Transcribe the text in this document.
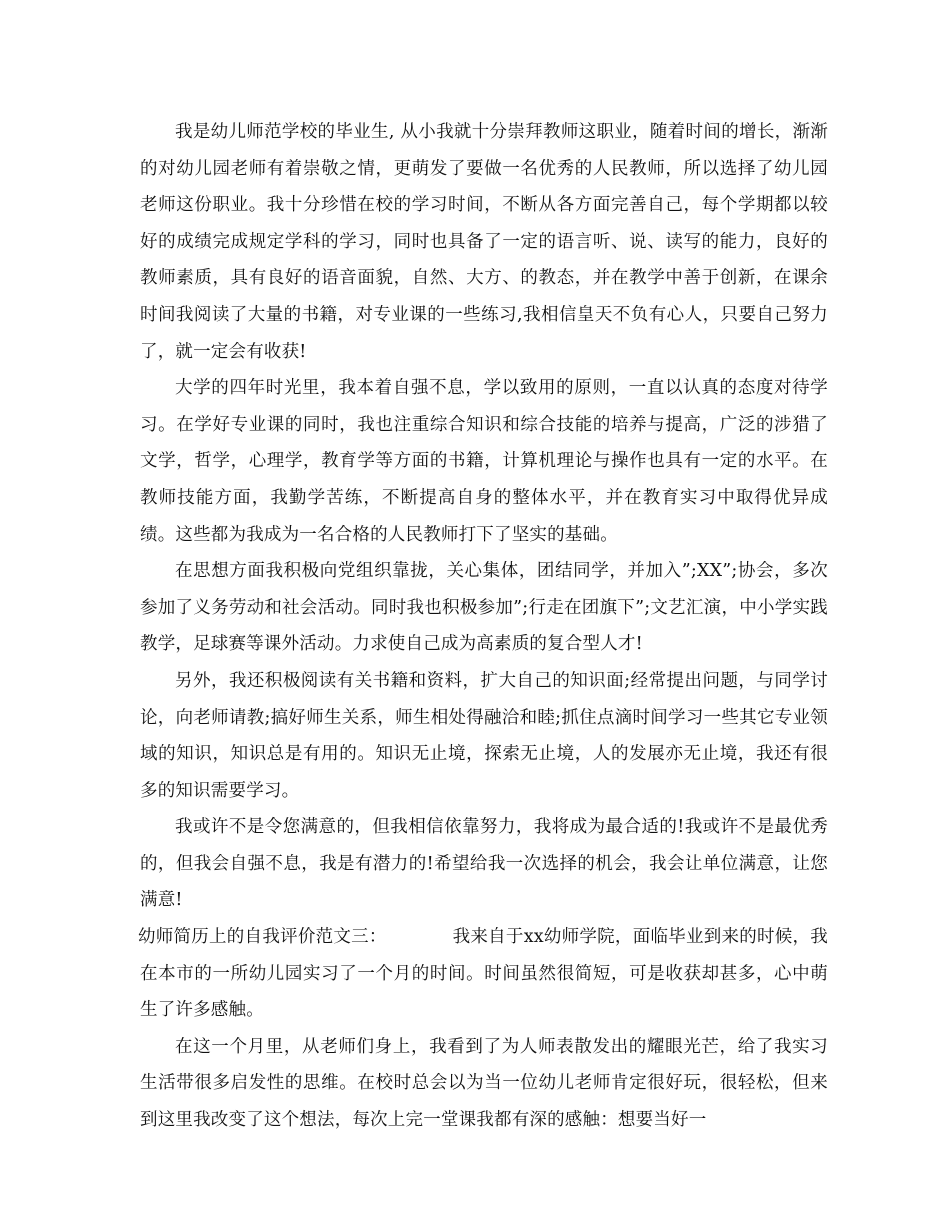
我是幼儿师范学校的毕业生, 从小我就十分崇拜教师这职业，随着时间的增长，渐渐的对幼儿园老师有着崇敬之情，更萌发了要做一名优秀的人民教师，所以选择了幼儿园老师这份职业。我十分珍惜在校的学习时间，不断从各方面完善自己，每个学期都以较好的成绩完成规定学科的学习，同时也具备了一定的语言听、说、读写的能力，良好的教师素质，具有良好的语音面貌，自然、大方、的教态，并在教学中善于创新，在课余时间我阅读了大量的书籍，对专业课的一些练习,我相信皇天不负有心人，只要自己努力了，就一定会有收获!

大学的四年时光里，我本着自强不息，学以致用的原则，一直以认真的态度对待学习。在学好专业课的同时，我也注重综合知识和综合技能的培养与提高，广泛的涉猎了文学，哲学，心理学，教育学等方面的书籍，计算机理论与操作也具有一定的水平。在教师技能方面，我勤学苦练，不断提高自身的整体水平，并在教育实习中取得优异成绩。这些都为我成为一名合格的人民教师打下了坚实的基础。

在思想方面我积极向党组织靠拢，关心集体，团结同学，并加入”;XX”;协会，多次参加了义务劳动和社会活动。同时我也积极参加”;行走在团旗下”;文艺汇演，中小学实践教学，足球赛等课外活动。力求使自己成为高素质的复合型人才!

另外，我还积极阅读有关书籍和资料，扩大自己的知识面;经常提出问题，与同学讨论，向老师请教;搞好师生关系，师生相处得融洽和睦;抓住点滴时间学习一些其它专业领域的知识，知识总是有用的。知识无止境，探索无止境，人的发展亦无止境，我还有很多的知识需要学习。

我或许不是令您满意的，但我相信依靠努力，我将成为最合适的!我或许不是最优秀的，但我会自强不息，我是有潜力的!希望给我一次选择的机会，我会让单位满意，让您满意!

幼师简历上的自我评价范文三：	我来自于xx幼师学院，面临毕业到来的时候，我在本市的一所幼儿园实习了一个月的时间。时间虽然很简短，可是收获却甚多，心中萌生了许多感触。

在这一个月里，从老师们身上，我看到了为人师表散发出的耀眼光芒，给了我实习生活带很多启发性的思维。在校时总会以为当一位幼儿老师肯定很好玩，很轻松，但来到这里我改变了这个想法，每次上完一堂课我都有深的感触：想要当好一
